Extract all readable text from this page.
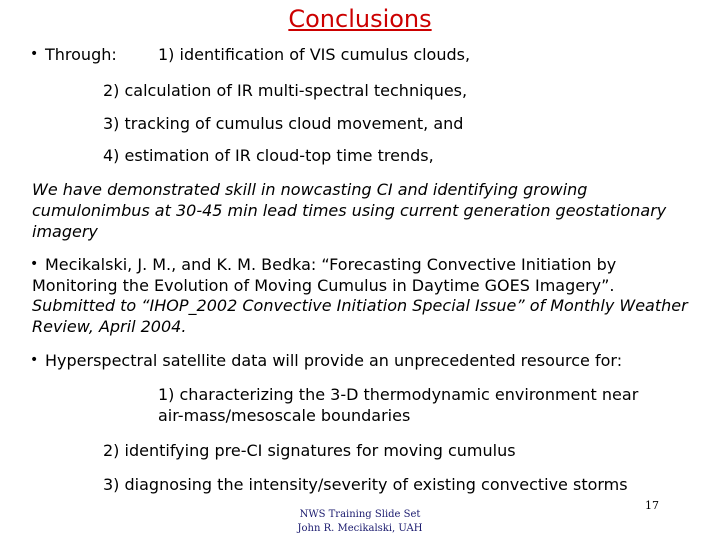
Conclusions
• Through:	1) identification of VIS cumulus clouds,
2) calculation of IR multi-spectral techniques,
3) tracking of cumulus cloud movement, and
4) estimation of IR cloud-top time trends,
We have demonstrated skill in nowcasting CI and identifying growing
cumulonimbus at 30-45 min lead times using current generation geostationary
imagery
• Mecikalski, J. M., and K. M. Bedka: “Forecasting Convective Initiation by
Monitoring the Evolution of Moving Cumulus in Daytime GOES Imagery”.
Submitted to “IHOP_2002 Convective Initiation Special Issue” of Monthly Weather
Review, April 2004.
• Hyperspectral satellite data will provide an unprecedented resource for:
1) characterizing the 3-D thermodynamic environment near
air-mass/mesoscale boundaries
2) identifying pre-CI signatures for moving cumulus
3) diagnosing the intensity/severity of existing convective storms
NWS Training Slide Set
John R. Mecikalski, UAH
17
